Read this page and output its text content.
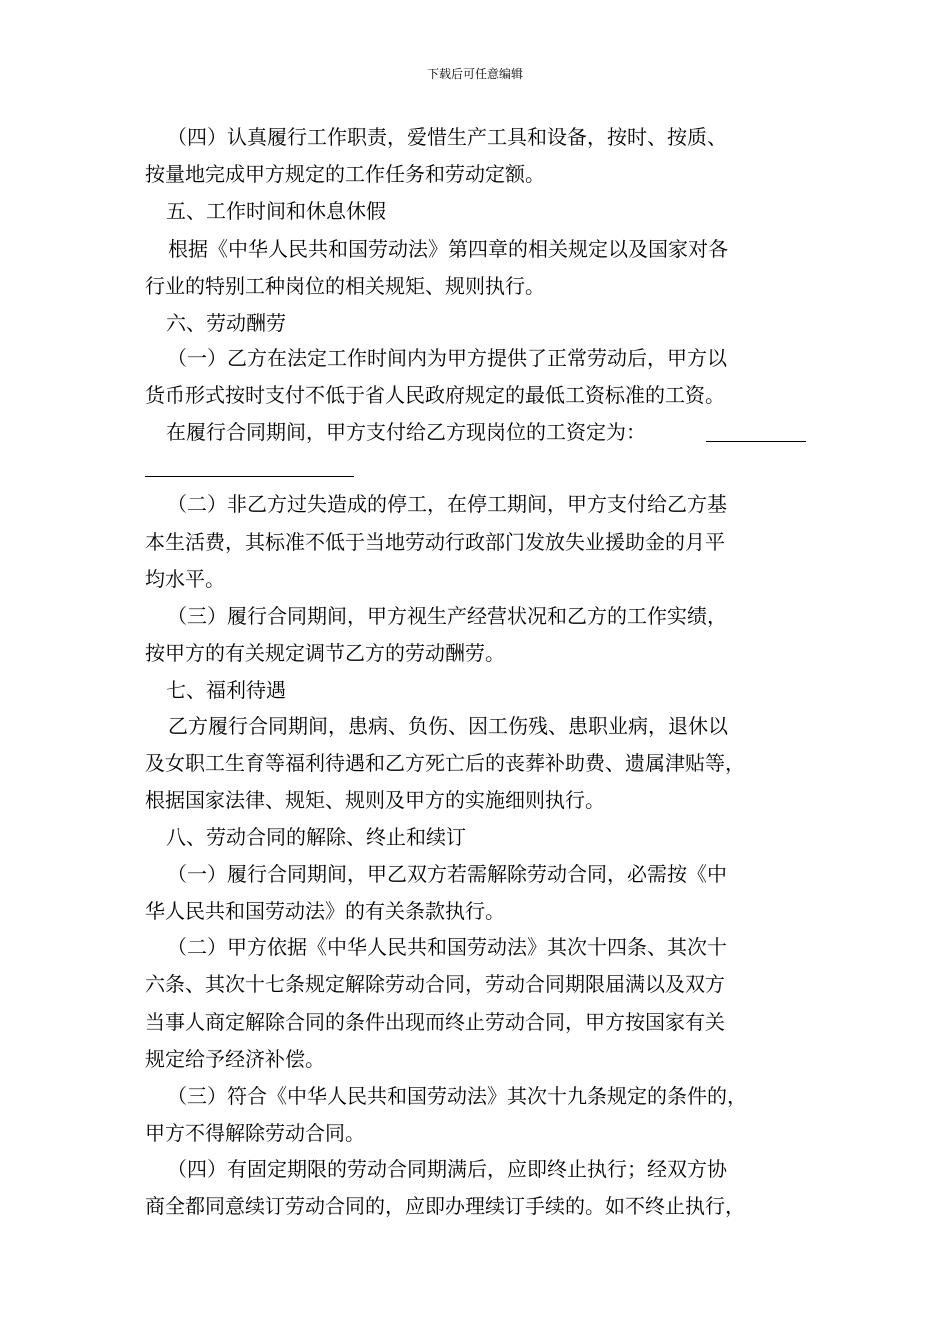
下载后可任意编辑
（四）认真履行工作职责，爱惜生产工具和设备，按时、按质、
按量地完成甲方规定的工作任务和劳动定额。
五、工作时间和休息休假
根据《中华人民共和国劳动法》第四章的相关规定以及国家对各
行业的特别工种岗位的相关规矩、规则执行。
六、劳动酬劳
（一）乙方在法定工作时间内为甲方提供了正常劳动后，甲方以
货币形式按时支付不低于省人民政府规定的最低工资标准的工资。
在履行合同期间，甲方支付给乙方现岗位的工资定为：
（二）非乙方过失造成的停工，在停工期间，甲方支付给乙方基
本生活费，其标准不低于当地劳动行政部门发放失业援助金的月平
均水平。
（三）履行合同期间，甲方视生产经营状况和乙方的工作实绩，
按甲方的有关规定调节乙方的劳动酬劳。
七、福利待遇
乙方履行合同期间，患病、负伤、因工伤残、患职业病，退休以
及女职工生育等福利待遇和乙方死亡后的丧葬补助费、遗属津贴等，
根据国家法律、规矩、规则及甲方的实施细则执行。
八、劳动合同的解除、终止和续订
（一）履行合同期间，甲乙双方若需解除劳动合同，必需按《中
华人民共和国劳动法》的有关条款执行。
（二）甲方依据《中华人民共和国劳动法》其次十四条、其次十
六条、其次十七条规定解除劳动合同，劳动合同期限届满以及双方
当事人商定解除合同的条件出现而终止劳动合同，甲方按国家有关
规定给予经济补偿。
（三）符合《中华人民共和国劳动法》其次十九条规定的条件的，
甲方不得解除劳动合同。
（四）有固定期限的劳动合同期满后，应即终止执行；经双方协
商全都同意续订劳动合同的，应即办理续订手续的。如不终止执行，
